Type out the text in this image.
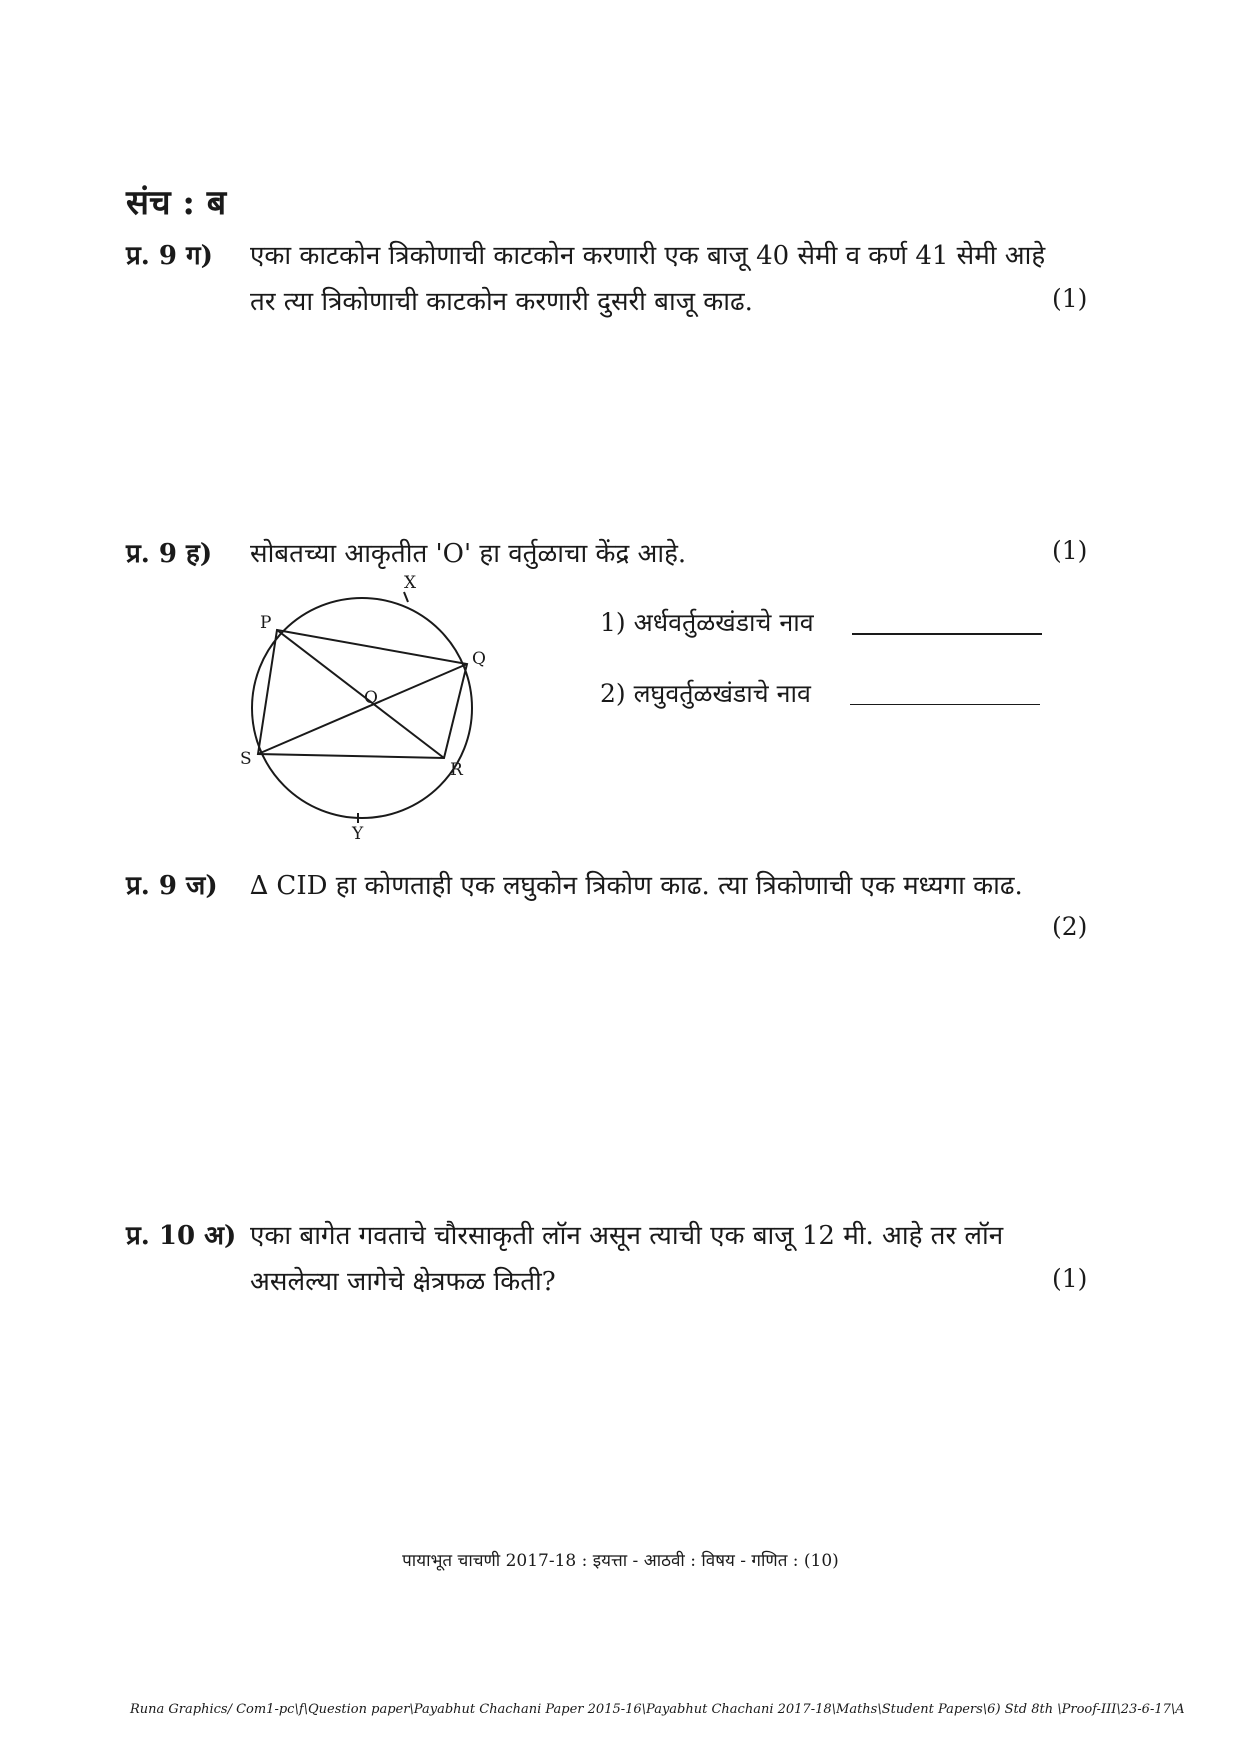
संच : ब
प्र. 9 ग) एका काटकोन त्रिकोणाची काटकोन करणारी एक बाजू 40 सेमी व कर्ण 41 सेमी आहे
तर त्या त्रिकोणाची काटकोन करणारी दुसरी बाजू काढ.	(1)
प्र. 9 ह) सोबतच्या आकृतीत 'O' हा वर्तुळाचा केंद्र आहे.	(1)
X
P
Q
O
S
R
Y
1) अर्धवर्तुळखंडाचे नाव
2) लघुवर्तुळखंडाचे नाव
प्र. 9 ज) ∆ CID हा कोणताही एक लघुकोन त्रिकोण काढ. त्या त्रिकोणाची एक मध्यगा काढ.
(2)
प्र. 10 अ) एका बागेत गवताचे चौरसाकृती लॉन असून त्याची एक बाजू 12 मी. आहे तर लॉन
असलेल्या जागेचे क्षेत्रफळ किती?	(1)
पायाभूत चाचणी 2017-18 : इयत्ता - आठवी : विषय - गणित : (10)
Runa Graphics/ Com1-pc\f\Question paper\Payabhut Chachani Paper 2015-16\Payabhut Chachani 2017-18\Maths\Student Papers\6) Std 8th \Proof-III\23-6-17\A
